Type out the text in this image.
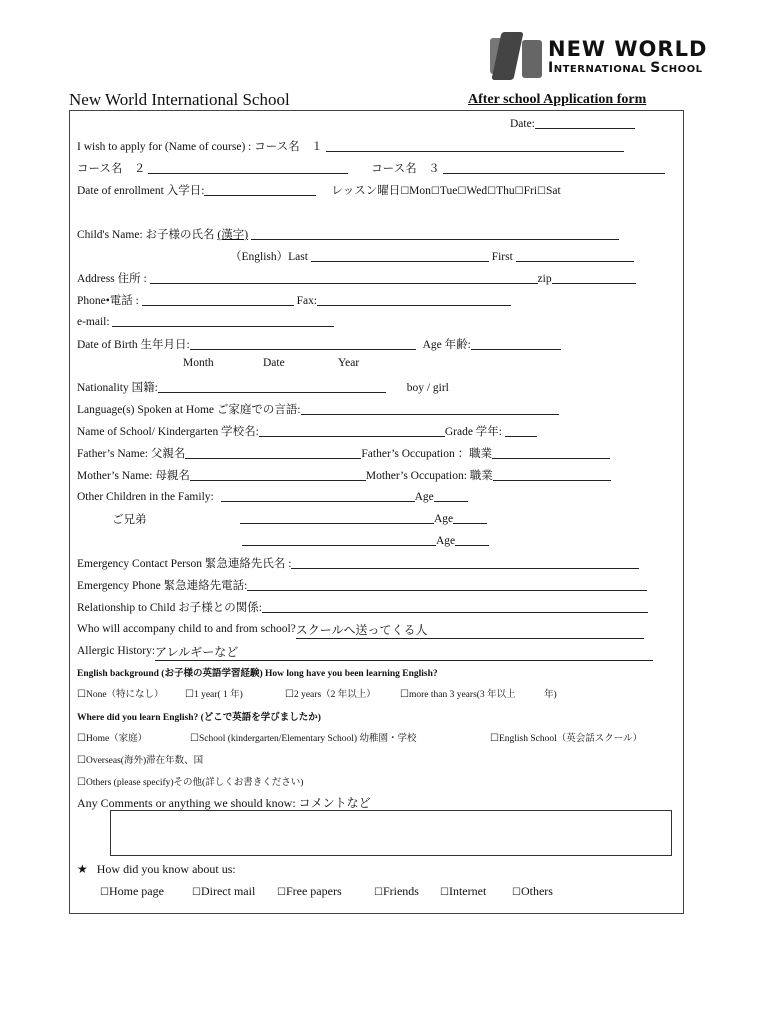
NEW WORLD
INTERNATIONAL SCHOOL
New World International School	After school Application form
Date:
I wish to apply for (Name of course) : コース名　１
コース名　２	コース名　３
Date of enrollment 入学日:	レッスン曜日☐Mon☐Tue☐Wed☐Thu☐Fri☐Sat
Child's Name: お子様の氏名 (漢字)
（English）Last	First
Address 住所 :	zip
Phone•電話 :	Fax:
e-mail:
Date of Birth 生年月日:	Age 年齢:
Month	Date	Year
Nationality 国籍:	boy / girl
Language(s) Spoken at Home ご家庭での言語:
Name of School/ Kindergarten 学校名:	Grade 学年:
Father’s Name: 父親名	Father’s Occupation ：職業
Mother’s Name: 母親名	Mother’s Occupation: 職業
Other Children in the Family:	Age
ご兄弟	Age
Age
Emergency Contact Person 緊急連絡先氏名 :
Emergency Phone 緊急連絡先電話:
Relationship to Child お子様との関係:
Who will accompany child to and from school?スクールへ送ってくる人
Allergic History:アレルギーなど
English background (お子様の英語学習経験) How long have you been learning English?
☐None（特になし） ☐1 year( 1 年)	☐2 years（2 年以上） ☐more than 3 years(3 年以上　　　年)
Where did you learn English? (どこで英語を学びましたか)
☐Home（家庭）	☐School (kindergarten/Elementary School) 幼稚園・学校	☐English School（英会話スクール）
☐Overseas(海外)滞在年数、国
☐Others (please specify)その他(詳しくお書きください)
Any Comments or anything we should know: コメントなど
★ How did you know about us:
☐Home page	☐Direct mail ☐Free papers	☐Friends ☐Internet	☐Others
